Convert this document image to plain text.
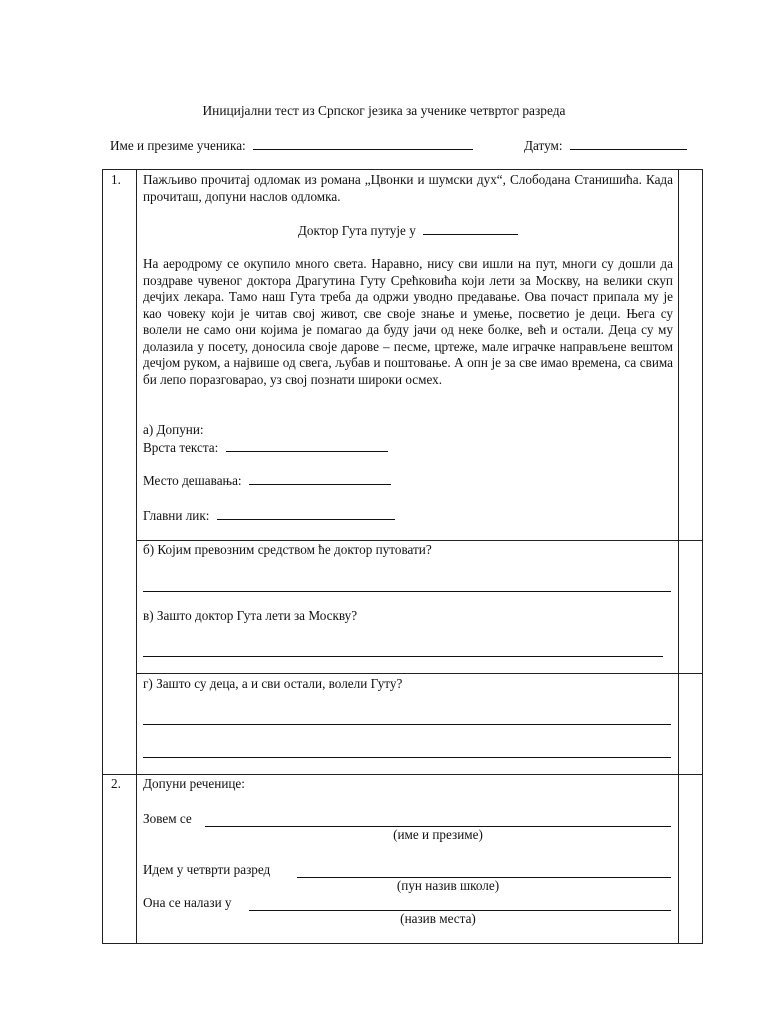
Иницијални тест из Српског језика за ученике четвртог разреда
Име и презиме ученика:	Датум:
1. Пажљиво прочитај одломак из романа „Цвонки и шумски дух“, Слободана Станишића. Када прочиташ, допуни наслов одломка.
Доктор Гута путује у
На аеродрому се окупило много света. Наравно, нису сви ишли на пут, многи су дошли да поздраве чувеног доктора Драгутина Гуту Срећковића који лети за Москву, на велики скуп дечјих лекара. Тамо наш Гута треба да одржи уводно предавање. Ова почаст припала му је као човеку који је читав свој живот, све своје знање и умење, посветио је деци. Њега су волели не само они којима је помагао да буду јачи од неке болке, већ и остали. Деца су му долазила у посету, доносила своје дарове – песме, цртеже, мале играчке направљене вештом дечјом руком, а највише од свега, љубав и поштовање. А опн је за све имао времена, са свима би лепо поразговарао, уз свој познати широки осмех.
а) Допуни:
Врста текста:
Место дешавања:
Главни лик:
б) Којим превозним средством ће доктор путовати?
в) Зашто доктор Гута лети за Москву?
г) Зашто су деца, а и сви остали, волели Гуту?
2. Допуни реченице:
Зовем се
(име и презиме)
Идем у четврти разред
(пун назив школе)
Она се налази у
(назив места)
